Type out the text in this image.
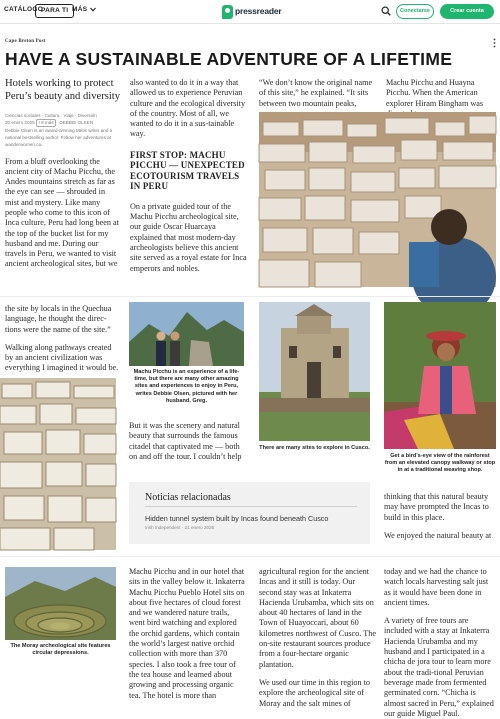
CATÁLOGO
PARA TI MÁS	pressreader	Conectarse	Crear cuenta
Cape Breton Post
HAVE A SUSTAINABLE ADVENTURE OF A LIFETIME
Hotels working to protect Peru’s beauty and diversity
Ciencias sociales · Cultura · Viaje · Diversión
20 enero 2025 +9 más DEBBIE OLSEN
Debbie Olsen is an award-winning Métis writer and a national bestselling author. Follow her adventures at wanderwomen.ca.

From a bluff overlooking the ancient city of Machu Picchu, the Andes mountains stretch as far as the eye can see — shrouded in mist and mystery. Like many people who come to this icon of Inca culture, Peru had long been at the top of the bucket list for my husband and me. During our travels in Peru, we wanted to visit ancient archeological sites, but we

also wanted to do it in a way that allowed us to experience Peruvian culture and the ecological diversity of the country. Most of all, we wanted to do it in a sus-tainable way.

FIRST STOP: MACHU PICCHU — UNEXPECTED ECOTOURISM TRAVELS IN PERU

On a private guided tour of the Machu Picchu archeological site, our guide Oscar Huarcaya explained that most modern-day archeologists believe this ancient site served as a royal estate for Inca emperors and nobles.

“We don’t know the original name of this site,” he explained. “It sits between two mountain peaks,

Machu Picchu and Huayna Picchu. When the American explorer Hiram Bingham was

the site by locals in the Quechua language, he thought the direc-tions were the name of the site.”

Walking along pathways created by an ancient civilization was everything I imagined it would be.	Machu Picchu is an experience of a life-time, but there are many other amazing sites and experiences to enjoy in Peru, writes Debbie Olsen, pictured with her husband, Greg.

But it was the scenery and natural beauty that surrounds the famous citadel that captivated me — both on and off the tour. I couldn’t help

There are many sites to explore in Cusco.
Get a bird’s-eye view of the rainforest from an elevated canopy walkway or stop in at a traditional weaving shop.

thinking that this natural beauty may have prompted the Incas to build in this place.

We enjoyed the natural beauty at

Noticias relacionadas
Hidden tunnel system built by Incas found beneath Cusco
Irish Independent · 21 enero 2025
The Moray archeological site features circular depressions.

Machu Picchu and in our hotel that sits in the valley below it. Inkaterra Machu Picchu Pueblo Hotel sits on about five hectares of cloud forest and we wandered nature trails, went bird watching and explored the orchid gardens, which contain the world’s largest native orchid collection with more than 370 species. I also took a free tour of the tea house and learned about growing and processing organic tea. The hotel is more than

agricultural region for the ancient Incas and it still is today. Our second stay was at Inkaterra Hacienda Urubamba, which sits on about 40 hectares of land in the Town of Huayoccari, about 60 kilometres northwest of Cusco. The on-site restaurant sources produce from a four-hectare organic plantation.

We used our time in this region to explore the archeological site of Moray and the salt mines of

today and we had the chance to watch locals harvesting salt just as it would have been done in ancient times.

A variety of free tours are included with a stay at Inkaterra Hacienda Urubamba and my husband and I participated in a chicha de jora tour to learn more about the tradi-tional Peruvian beverage made from fermented germinated corn. “Chicha is almost sacred in Peru,” explained our guide Miguel Paul.
